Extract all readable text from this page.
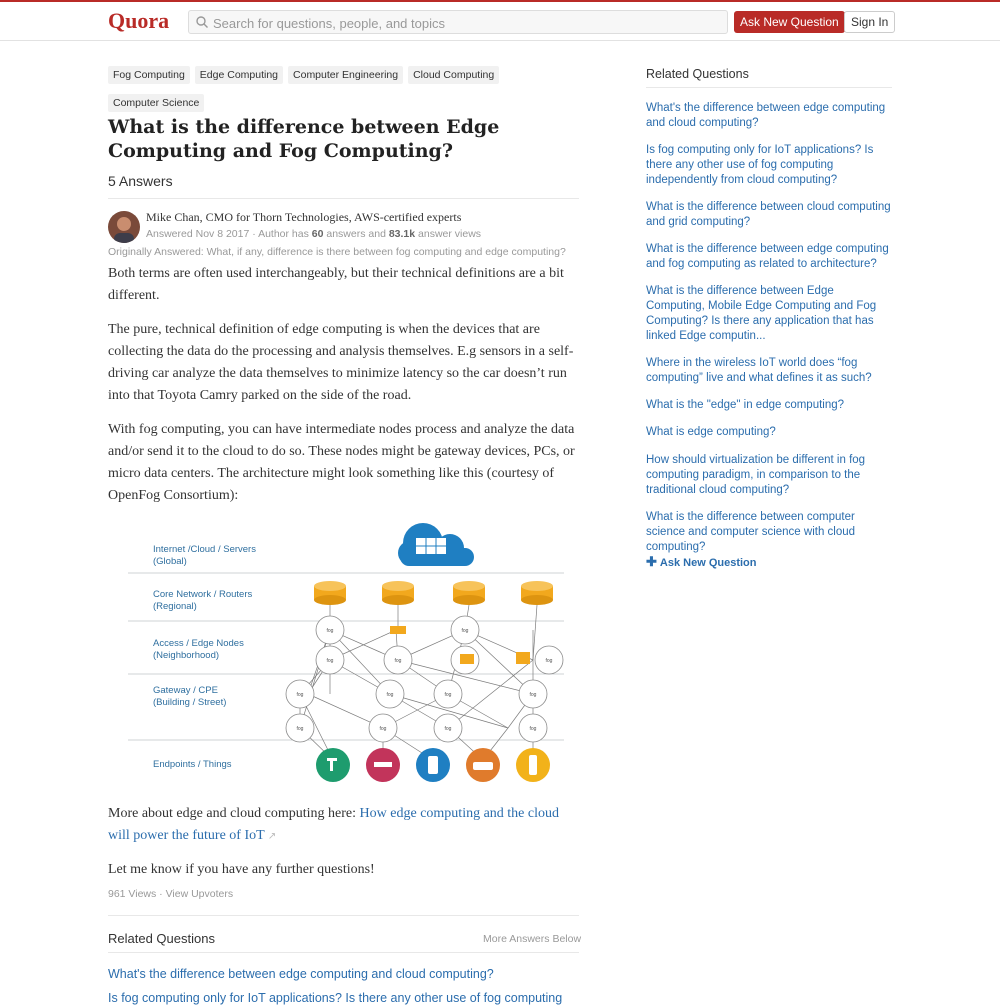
Quora
Search for questions, people, and topics	Ask New Question	Sign In
Fog Computing Edge Computing Computer Engineering Cloud Computing
Computer Science
What is the difference between Edge Computing and Fog Computing?
5 Answers
Mike Chan, CMO for Thorn Technologies, AWS-certified experts
Answered Nov 8 2017 · Author has 60 answers and 83.1k answer views
Originally Answered: What, if any, difference is there between fog computing and edge computing?

Both terms are often used interchangeably, but their technical definitions are a bit different.

The pure, technical definition of edge computing is when the devices that are collecting the data do the processing and analysis themselves. E.g sensors in a self-driving car analyze the data themselves to minimize latency so the car doesn’t run into that Toyota Camry parked on the side of the road.

With fog computing, you can have intermediate nodes process and analyze the data and/or send it to the cloud to do so. These nodes might be gateway devices, PCs, or micro data centers. The architecture might look something like this (courtesy of OpenFog Consortium):

Internet /Cloud / Servers
(Global)
Core Network / Routers
(Regional)
Access / Edge Nodes
(Neighborhood)
Gateway / CPE
(Building / Street)
Endpoints / Things
fog	fog
fog	fog	fog
fog	fog	fog	fog
fog	fog	fog	fog

More about edge and cloud computing here: How edge computing and the cloud will power the future of IoT ↗

Let me know if you have any further questions!

961 Views · View Upvoters
Related Questions	More Answers Below
What's the difference between edge computing and cloud computing?
Is fog computing only for IoT applications? Is there any other use of fog computing
Related Questions
What's the difference between edge computing and cloud computing?
Is fog computing only for IoT applications? Is there any other use of fog computing independently from cloud computing?
What is the difference between cloud computing and grid computing?
What is the difference between edge computing and fog computing as related to architecture?
What is the difference between Edge Computing, Mobile Edge Computing and Fog Computing? Is there any application that has linked Edge computin...
Where in the wireless IoT world does “fog computing” live and what defines it as such?
What is the "edge" in edge computing?
What is edge computing?
How should virtualization be different in fog computing paradigm, in comparison to the traditional cloud computing?
What is the difference between computer science and computer science with cloud computing?
✚ Ask New Question
